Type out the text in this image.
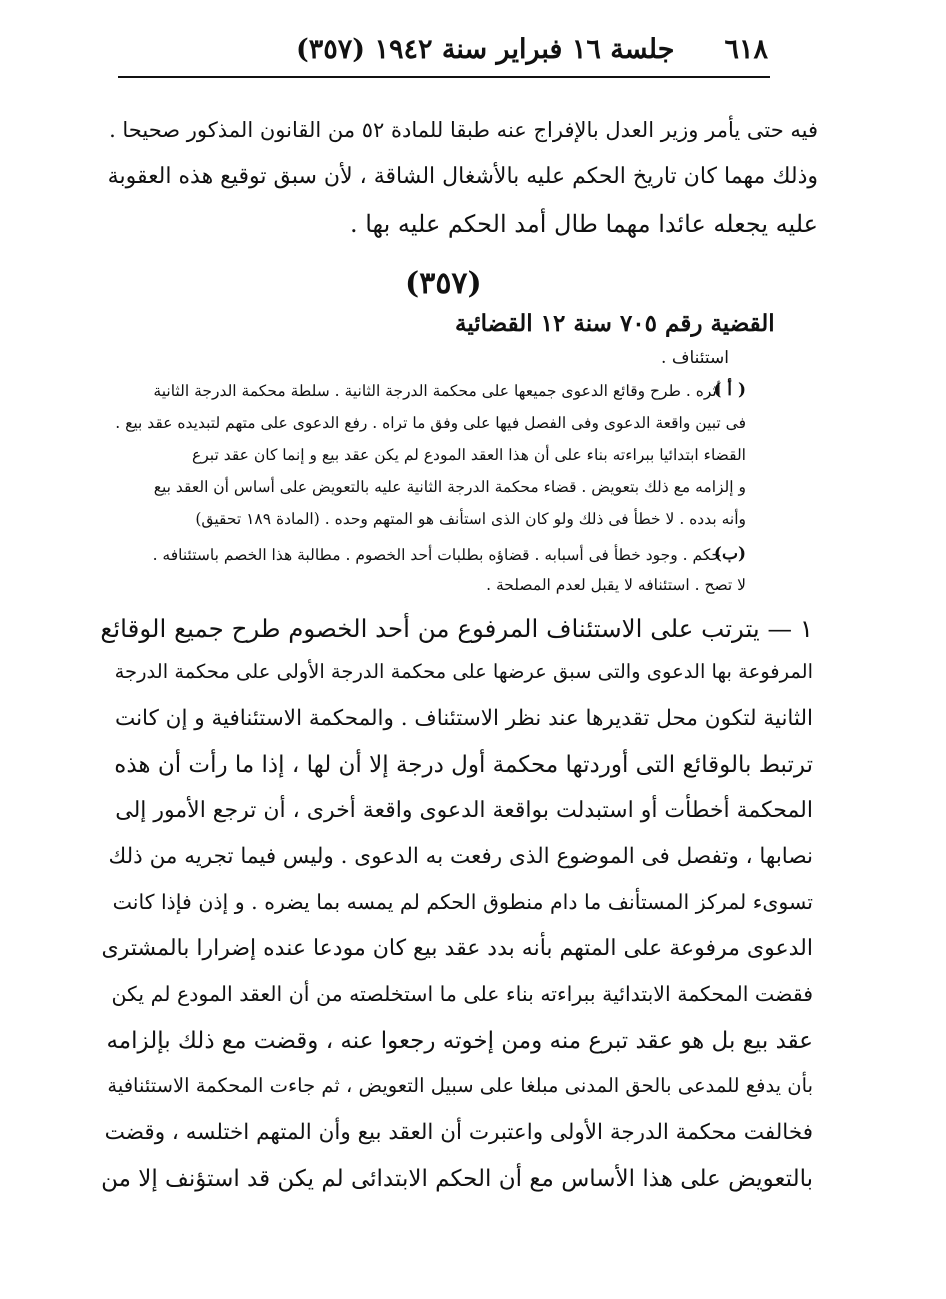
٦١٨
جلسة ١٦ فبراير سنة ١٩٤٢ (٣٥٧)
فيه حتى يأمر وزير العدل بالإفراج عنه طبقا للمادة ٥٢ من القانون المذكور صحيحا .
وذلك مهما كان تاريخ الحكم عليه بالأشغال الشاقة ، لأن سبق توقيع هذه العقوبة
عليه يجعله عائدا مهما طال أمد الحكم عليه بها .
(٣٥٧)
القضية رقم ٧٠٥ سنة ١٢ القضائية
استئناف .
( أ )
أثره . طرح وقائع الدعوى جميعها على محكمة الدرجة الثانية . سلطة محكمة الدرجة الثانية
فى تبين واقعة الدعوى وفى الفصل فيها على وفق ما تراه . رفع الدعوى على متهم لتبديده عقد بيع .
القضاء ابتدائيا ببراءته بناء على أن هذا العقد المودع لم يكن عقد بيع و إنما كان عقد تبرع
و إلزامه مع ذلك بتعويض . قضاء محكمة الدرجة الثانية عليه بالتعويض على أساس أن العقد بيع
وأنه بدده . لا خطأ فى ذلك ولو كان الذى استأنف هو المتهم وحده . (المادة ١٨٩ تحقيق)
(ب)
حكم . وجود خطأ فى أسبابه . قضاؤه بطلبات أحد الخصوم . مطالبة هذا الخصم باستئنافه .
لا تصح . استئنافه لا يقبل لعدم المصلحة .
١ — يترتب على الاستئناف المرفوع من أحد الخصوم طرح جميع الوقائع
المرفوعة بها الدعوى والتى سبق عرضها على محكمة الدرجة الأولى على محكمة الدرجة
الثانية لتكون محل تقديرها عند نظر الاستئناف . والمحكمة الاستئنافية و إن كانت
ترتبط بالوقائع التى أوردتها محكمة أول درجة إلا أن لها ، إذا ما رأت أن هذه
المحكمة أخطأت أو استبدلت بواقعة الدعوى واقعة أخرى ، أن ترجع الأمور إلى
نصابها ، وتفصل فى الموضوع الذى رفعت به الدعوى . وليس فيما تجريه من ذلك
تسوىء لمركز المستأنف ما دام منطوق الحكم لم يمسه بما يضره . و إذن فإذا كانت
الدعوى مرفوعة على المتهم بأنه بدد عقد بيع كان مودعا عنده إضرارا بالمشترى
فقضت المحكمة الابتدائية ببراءته بناء على ما استخلصته من أن العقد المودع لم يكن
عقد بيع بل هو عقد تبرع منه ومن إخوته رجعوا عنه ، وقضت مع ذلك بإلزامه
بأن يدفع للمدعى بالحق المدنى مبلغا على سبيل التعويض ، ثم جاءت المحكمة الاستئنافية
فخالفت محكمة الدرجة الأولى واعتبرت أن العقد بيع وأن المتهم اختلسه ، وقضت
بالتعويض على هذا الأساس مع أن الحكم الابتدائى لم يكن قد استؤنف إلا من
